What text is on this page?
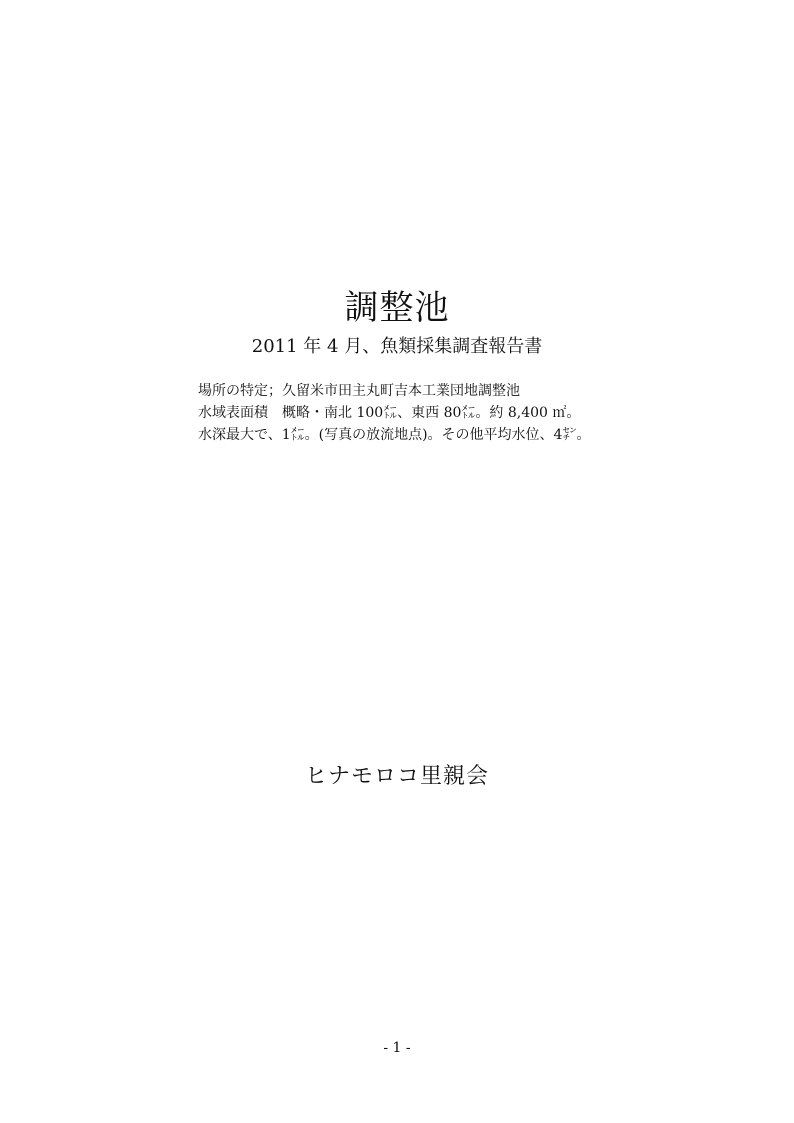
調整池
2011 年 4 月、魚類採集調査報告書
場所の特定；久留米市田主丸町吉本工業団地調整池
水域表面積　概略・南北 100㍍、東西 80㍍。約 8,400 ㎡。
水深最大で、1㍍。(写真の放流地点)。その他平均水位、4㌢。
ヒナモロコ里親会
- 1 -
